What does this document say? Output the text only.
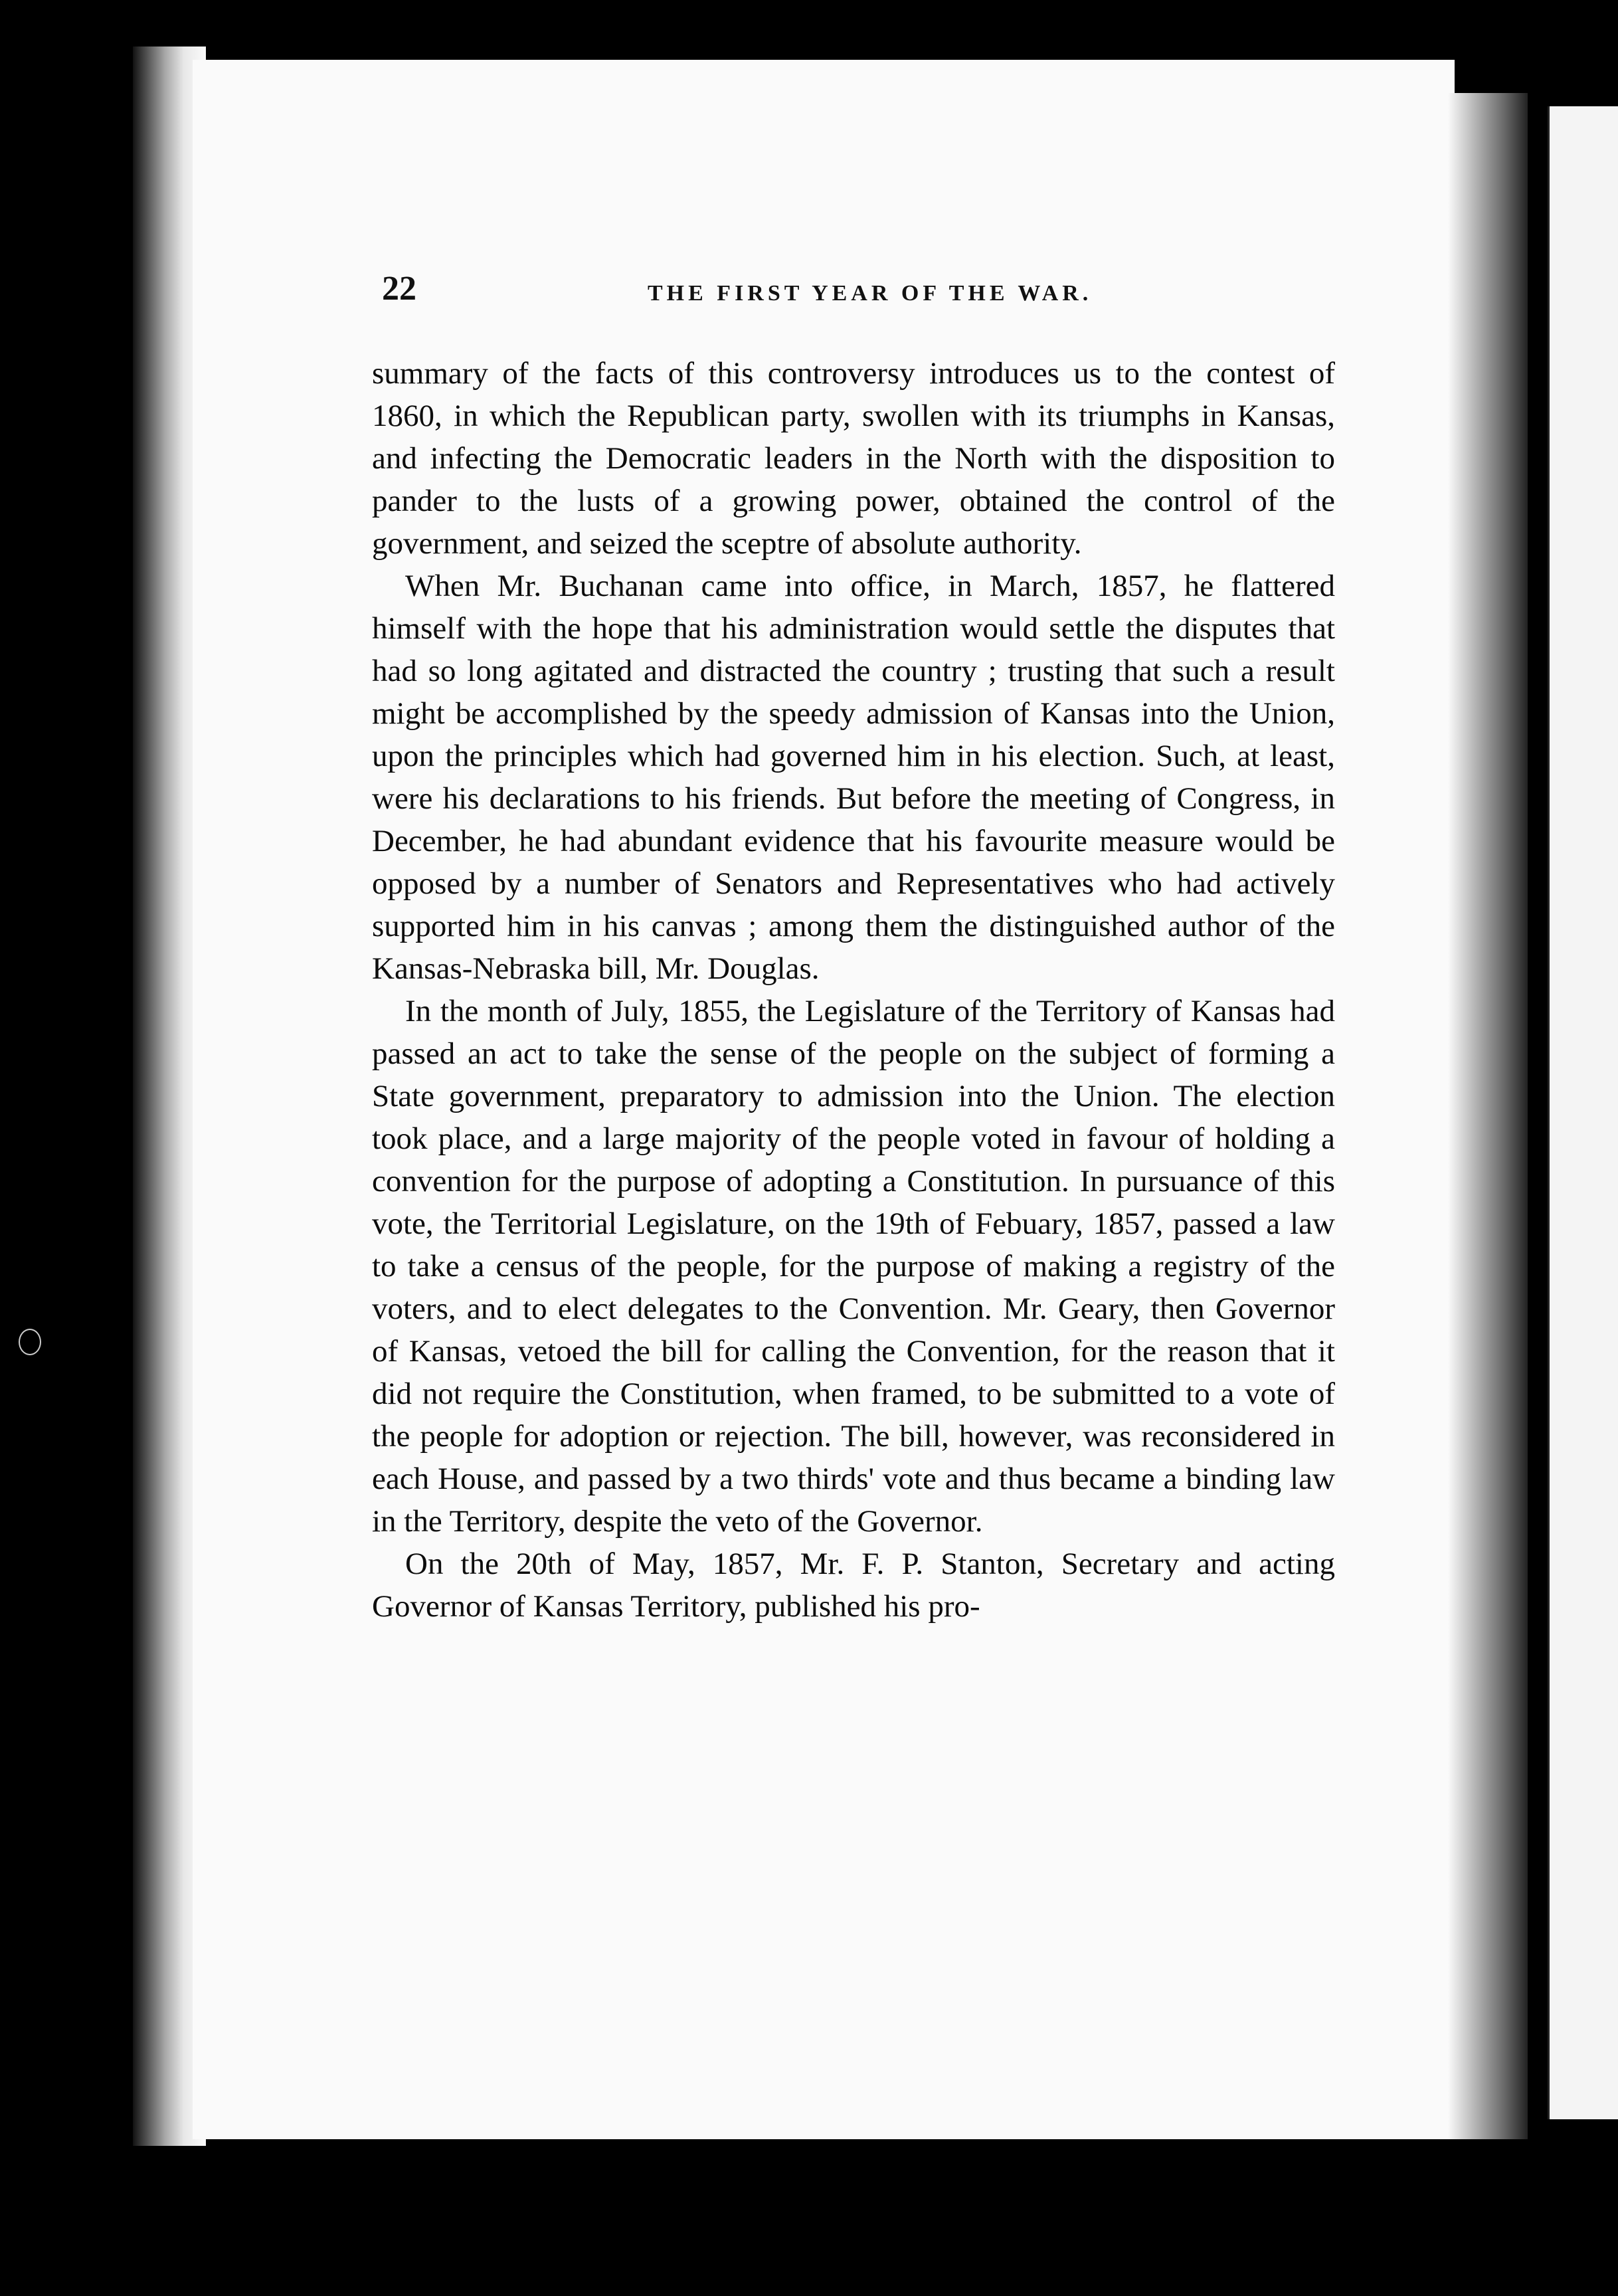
22	THE FIRST YEAR OF THE WAR.

summary of the facts of this controversy introduces us to the contest of 1860, in which the Republican party, swollen with its triumphs in Kansas, and infecting the Democratic leaders in the North with the disposition to pander to the lusts of a growing power, obtained the control of the government, and seized the sceptre of absolute authority.

When Mr. Buchanan came into office, in March, 1857, he flattered himself with the hope that his administration would settle the disputes that had so long agitated and distracted the country ; trusting that such a result might be accomplished by the speedy admission of Kansas into the Union, upon the principles which had governed him in his election. Such, at least, were his declarations to his friends. But before the meeting of Congress, in December, he had abundant evidence that his favourite measure would be opposed by a number of Senators and Representatives who had actively supported him in his canvas ; among them the distinguished author of the Kansas-Nebraska bill, Mr. Douglas.

In the month of July, 1855, the Legislature of the Territory of Kansas had passed an act to take the sense of the people on the subject of forming a State government, preparatory to admission into the Union. The election took place, and a large majority of the people voted in favour of holding a convention for the purpose of adopting a Constitution. In pursuance of this vote, the Territorial Legislature, on the 19th of Febuary, 1857, passed a law to take a census of the people, for the purpose of making a registry of the voters, and to elect delegates to the Convention. Mr. Geary, then Governor of Kansas, vetoed the bill for calling the Convention, for the reason that it did not require the Constitution, when framed, to be submitted to a vote of the people for adoption or rejection. The bill, however, was reconsidered in each House, and passed by a two thirds' vote and thus became a binding law in the Territory, despite the veto of the Governor.

On the 20th of May, 1857, Mr. F. P. Stanton, Secretary and acting Governor of Kansas Territory, published his pro-
